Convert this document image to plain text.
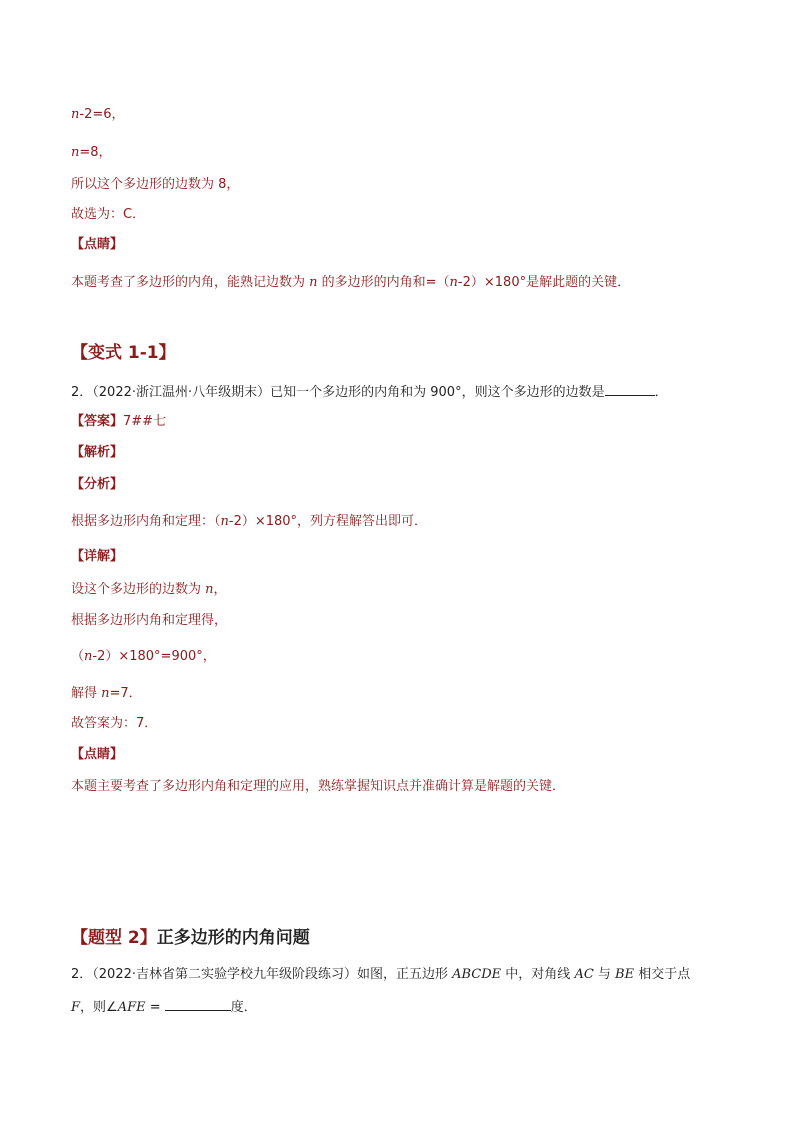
n-2=6，
n=8，
所以这个多边形的边数为 8，
故选为：C．
【点睛】
本题考查了多边形的内角，能熟记边数为 n 的多边形的内角和=（n-2）×180°是解此题的关键．
【变式 1-1】
2．（2022·浙江温州·八年级期末）已知一个多边形的内角和为 900°，则这个多边形的边数是	．
【答案】7##七
【解析】
【分析】
根据多边形内角和定理：（n-2）×180°，列方程解答出即可．
【详解】
设这个多边形的边数为 n，
根据多边形内角和定理得，
（n-2）×180°=900°，
解得 n=7．
故答案为：7．
【点睛】
本题主要考查了多边形内角和定理的应用，熟练掌握知识点并准确计算是解题的关键．
【题型 2】正多边形的内角问题
2．（2022·吉林省第二实验学校九年级阶段练习）如图，正五边形 ABCDE 中，对角线 AC 与 BE 相交于点
F，则∠AFE =	度．
